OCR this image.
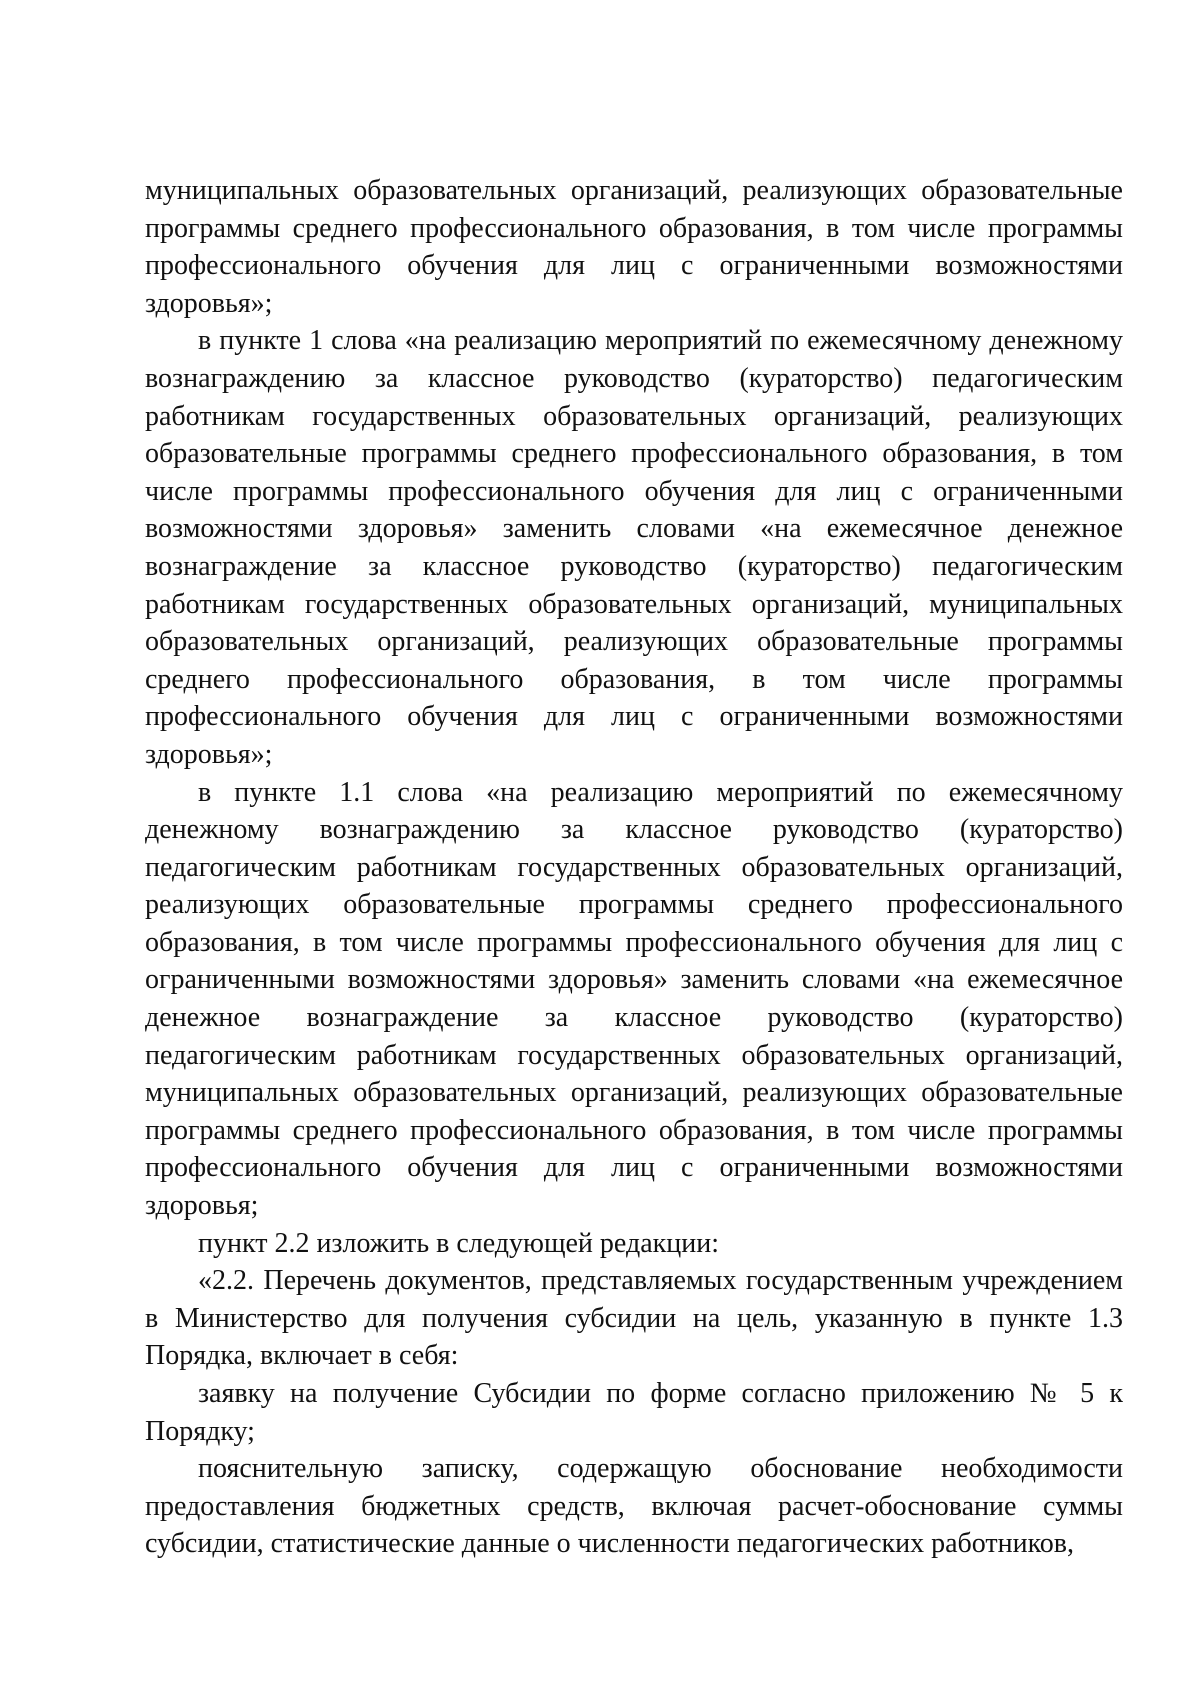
муниципальных образовательных организаций, реализующих образовательные программы среднего профессионального образования, в том числе программы профессионального обучения для лиц с ограниченными возможностями здоровья»;

в пункте 1 слова «на реализацию мероприятий по ежемесячному денежному вознаграждению за классное руководство (кураторство) педагогическим работникам государственных образовательных организаций, реализующих образовательные программы среднего профессионального образования, в том числе программы профессионального обучения для лиц с ограниченными возможностями здоровья» заменить словами «на ежемесячное денежное вознаграждение за классное руководство (кураторство) педагогическим работникам государственных образовательных организаций, муниципальных образовательных организаций, реализующих образовательные программы среднего профессионального образования, в том числе программы профессионального обучения для лиц с ограниченными возможностями здоровья»;

в пункте 1.1 слова «на реализацию мероприятий по ежемесячному денежному вознаграждению за классное руководство (кураторство) педагогическим работникам государственных образовательных организаций, реализующих образовательные программы среднего профессионального образования, в том числе программы профессионального обучения для лиц с ограниченными возможностями здоровья» заменить словами «на ежемесячное денежное вознаграждение за классное руководство (кураторство) педагогическим работникам государственных образовательных организаций, муниципальных образовательных организаций, реализующих образовательные программы среднего профессионального образования, в том числе программы профессионального обучения для лиц с ограниченными возможностями здоровья;

пункт 2.2 изложить в следующей редакции:

«2.2. Перечень документов, представляемых государственным учреждением в Министерство для получения субсидии на цель, указанную в пункте 1.3 Порядка, включает в себя:

заявку на получение Субсидии по форме согласно приложению № 5 к Порядку;

пояснительную записку, содержащую обоснование необходимости предоставления бюджетных средств, включая расчет-обоснование суммы субсидии, статистические данные о численности педагогических работников,
